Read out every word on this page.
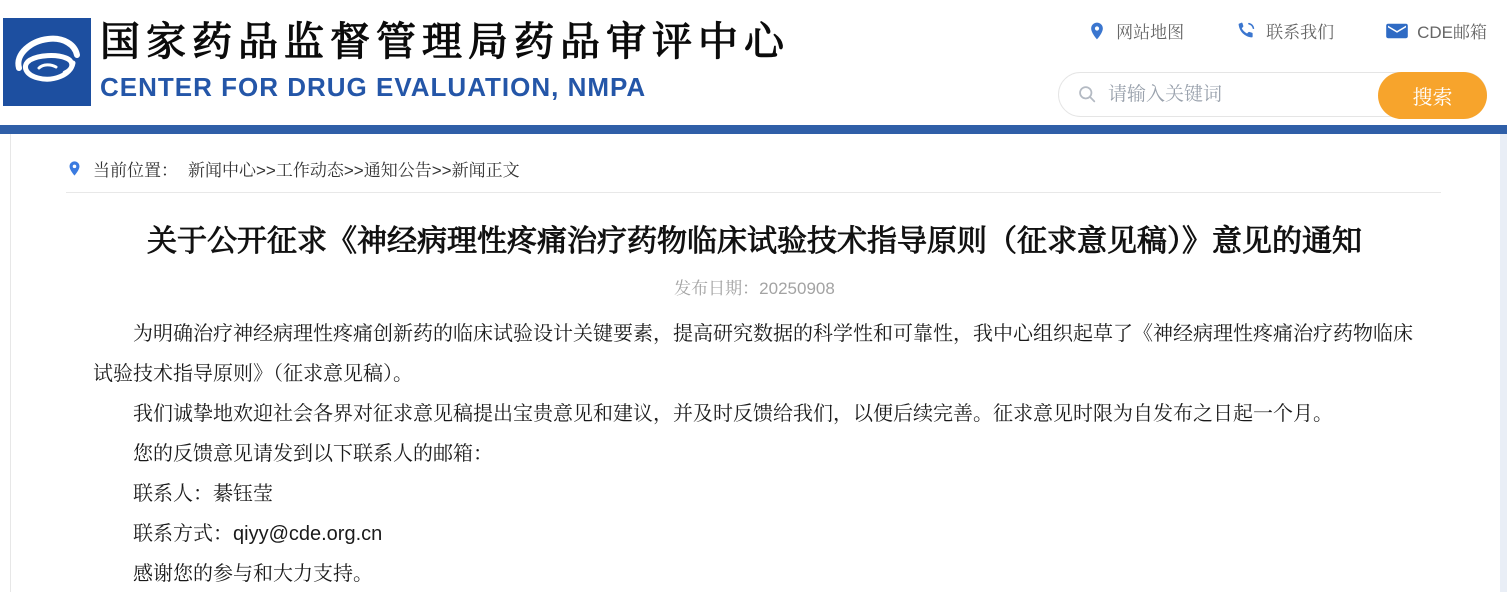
国家药品监督管理局药品审评中心
CENTER FOR DRUG EVALUATION, NMPA
网站地图	联系我们	CDE邮箱
请输入关键词
搜索
当前位置： 新闻中心>>工作动态>>通知公告>>新闻正文
关于公开征求《神经病理性疼痛治疗药物临床试验技术指导原则（征求意见稿）》意见的通知
发布日期：20250908

为明确治疗神经病理性疼痛创新药的临床试验设计关键要素，提高研究数据的科学性和可靠性，我中心组织起草了《神经病理性疼痛治疗药物临床试验技术指导原则》（征求意见稿）。

我们诚挚地欢迎社会各界对征求意见稿提出宝贵意见和建议，并及时反馈给我们，以便后续完善。征求意见时限为自发布之日起一个月。

您的反馈意见请发到以下联系人的邮箱：

联系人：綦钰莹

联系方式：qiyy@cde.org.cn

感谢您的参与和大力支持。
